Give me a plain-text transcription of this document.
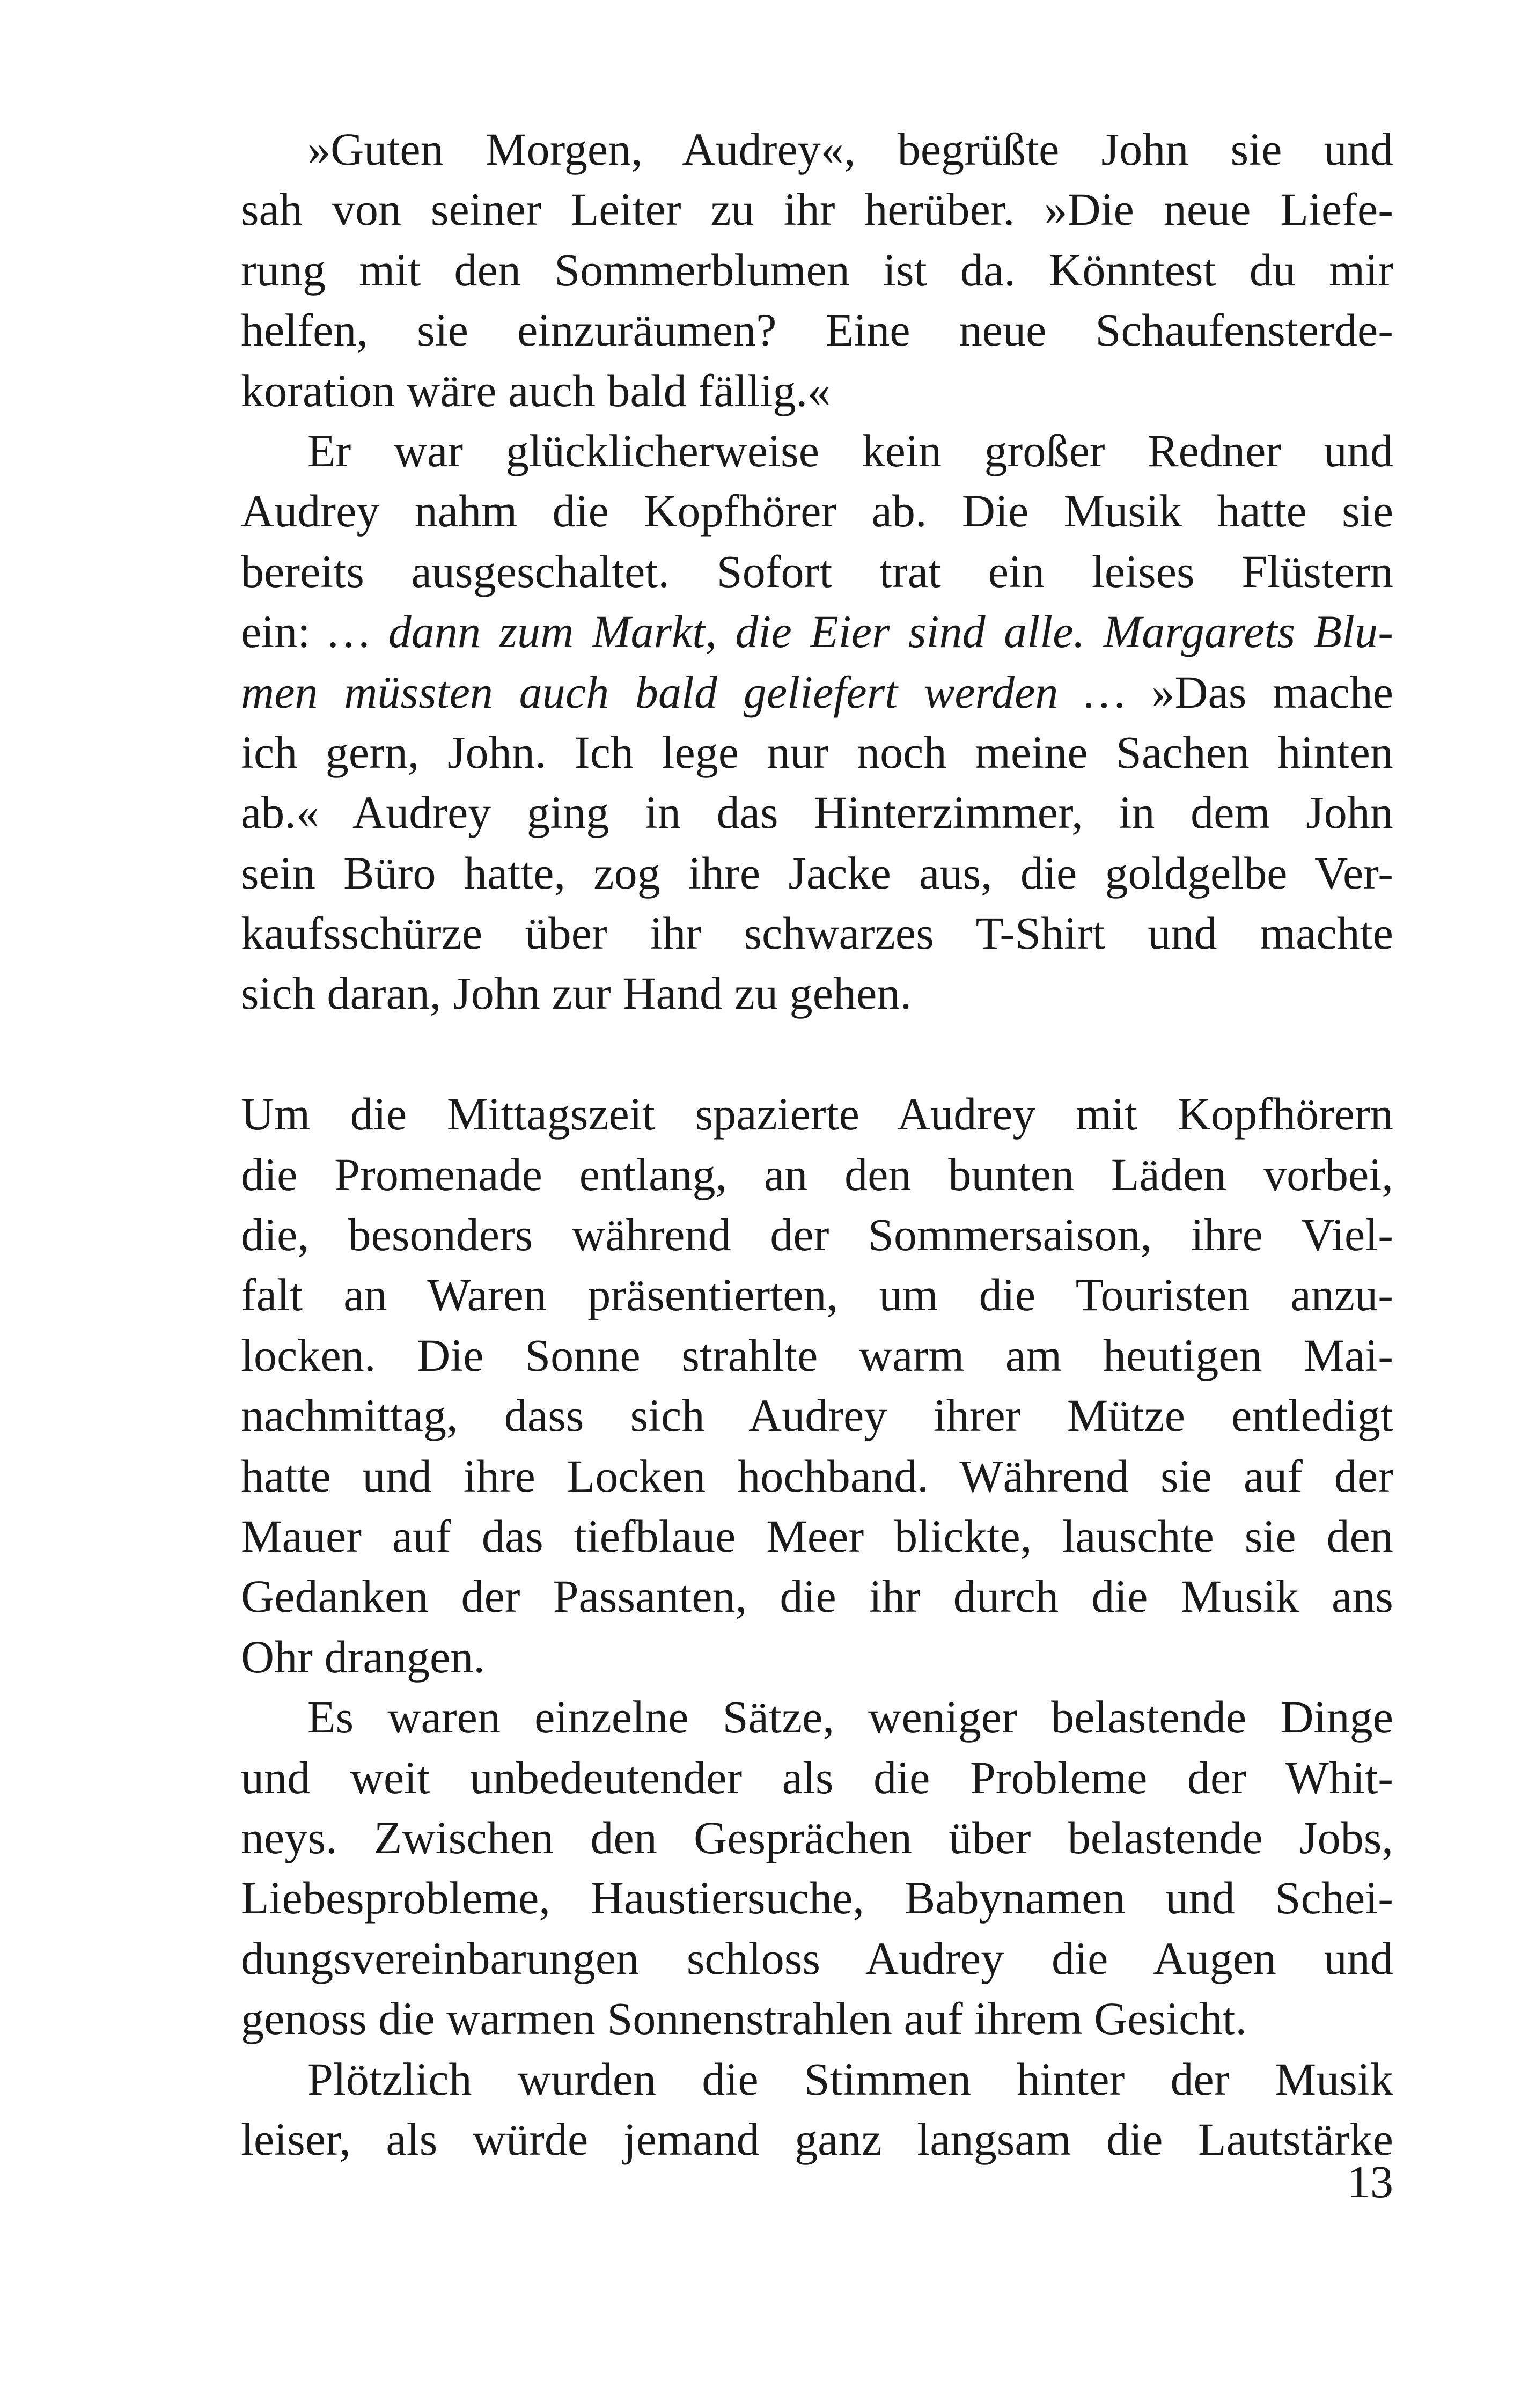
»Guten Morgen, Audrey«, begrüßte John sie und
sah von seiner Leiter zu ihr herüber. »Die neue Liefe-
rung mit den Sommerblumen ist da. Könntest du mir
helfen, sie einzuräumen? Eine neue Schaufensterde-
koration wäre auch bald fällig.«
Er war glücklicherweise kein großer Redner und
Audrey nahm die Kopfhörer ab. Die Musik hatte sie
bereits ausgeschaltet. Sofort trat ein leises Flüstern
ein: … dann zum Markt, die Eier sind alle. Margarets Blu-
men müssten auch bald geliefert werden … »Das mache
ich gern, John. Ich lege nur noch meine Sachen hinten
ab.« Audrey ging in das Hinterzimmer, in dem John
sein Büro hatte, zog ihre Jacke aus, die goldgelbe Ver-
kaufsschürze über ihr schwarzes T-Shirt und machte
sich daran, John zur Hand zu gehen.
Um die Mittagszeit spazierte Audrey mit Kopfhörern
die Promenade entlang, an den bunten Läden vorbei,
die, besonders während der Sommersaison, ihre Viel-
falt an Waren präsentierten, um die Touristen anzu-
locken. Die Sonne strahlte warm am heutigen Mai-
nachmittag, dass sich Audrey ihrer Mütze entledigt
hatte und ihre Locken hochband. Während sie auf der
Mauer auf das tiefblaue Meer blickte, lauschte sie den
Gedanken der Passanten, die ihr durch die Musik ans
Ohr drangen.
Es waren einzelne Sätze, weniger belastende Dinge
und weit unbedeutender als die Probleme der Whit-
neys. Zwischen den Gesprächen über belastende Jobs,
Liebesprobleme, Haustiersuche, Babynamen und Schei-
dungsvereinbarungen schloss Audrey die Augen und
genoss die warmen Sonnenstrahlen auf ihrem Gesicht.
Plötzlich wurden die Stimmen hinter der Musik
leiser, als würde jemand ganz langsam die Lautstärke
13
